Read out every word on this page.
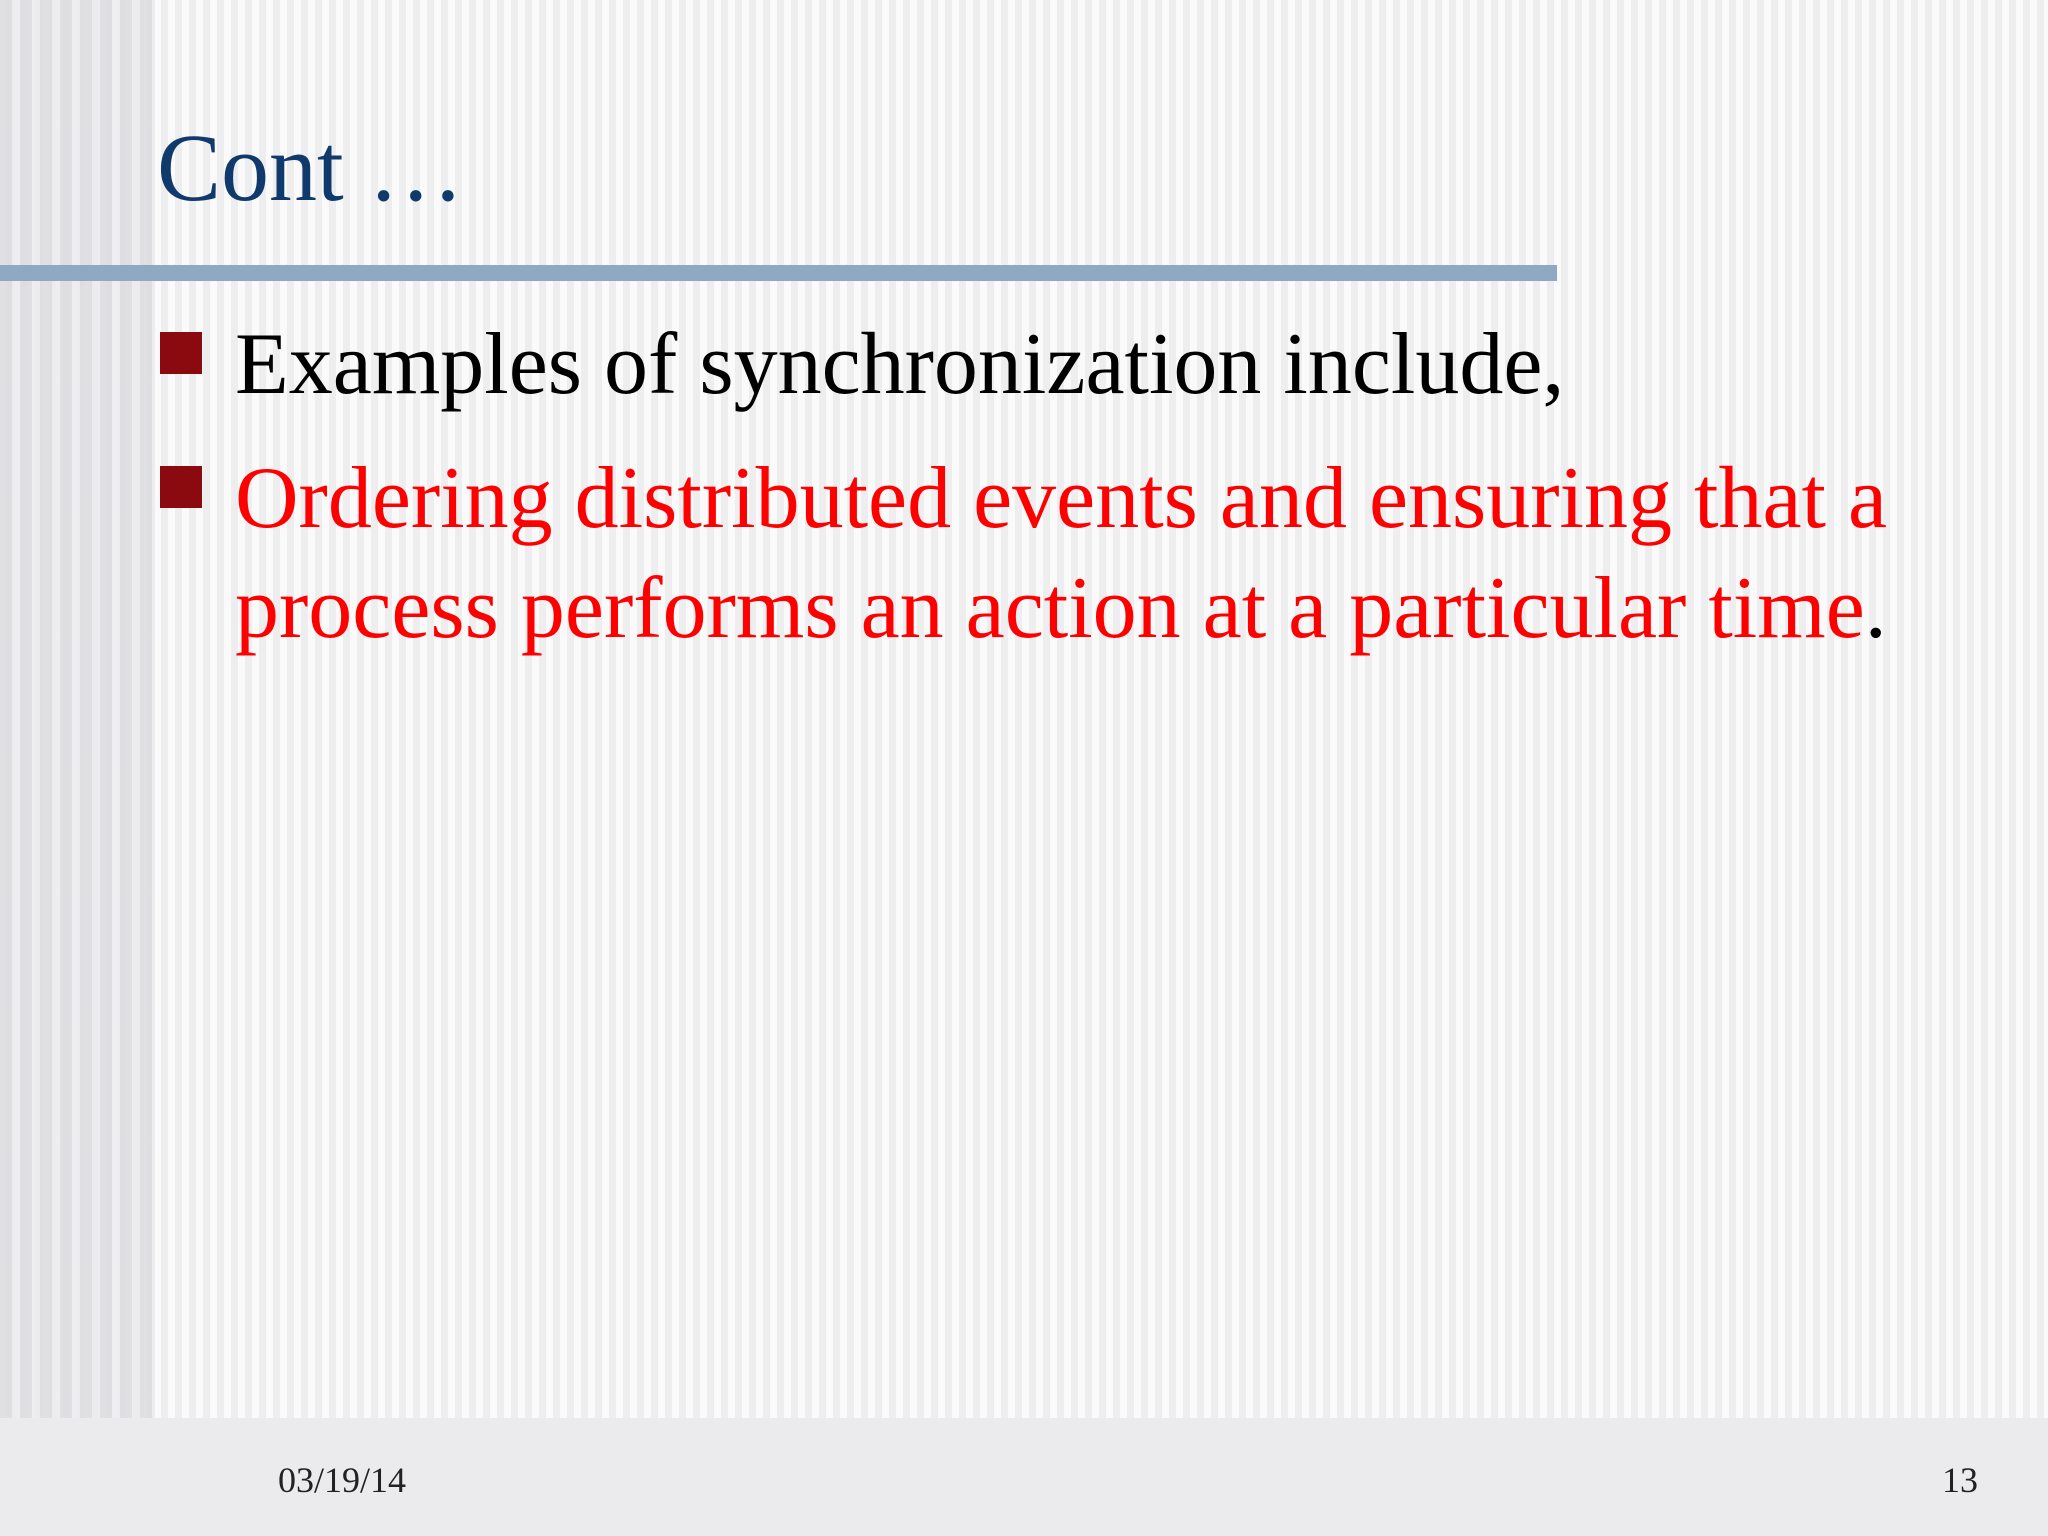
Cont …
Examples of synchronization include,
Ordering distributed events and ensuring that a process performs an action at a particular time.
03/19/14	13
